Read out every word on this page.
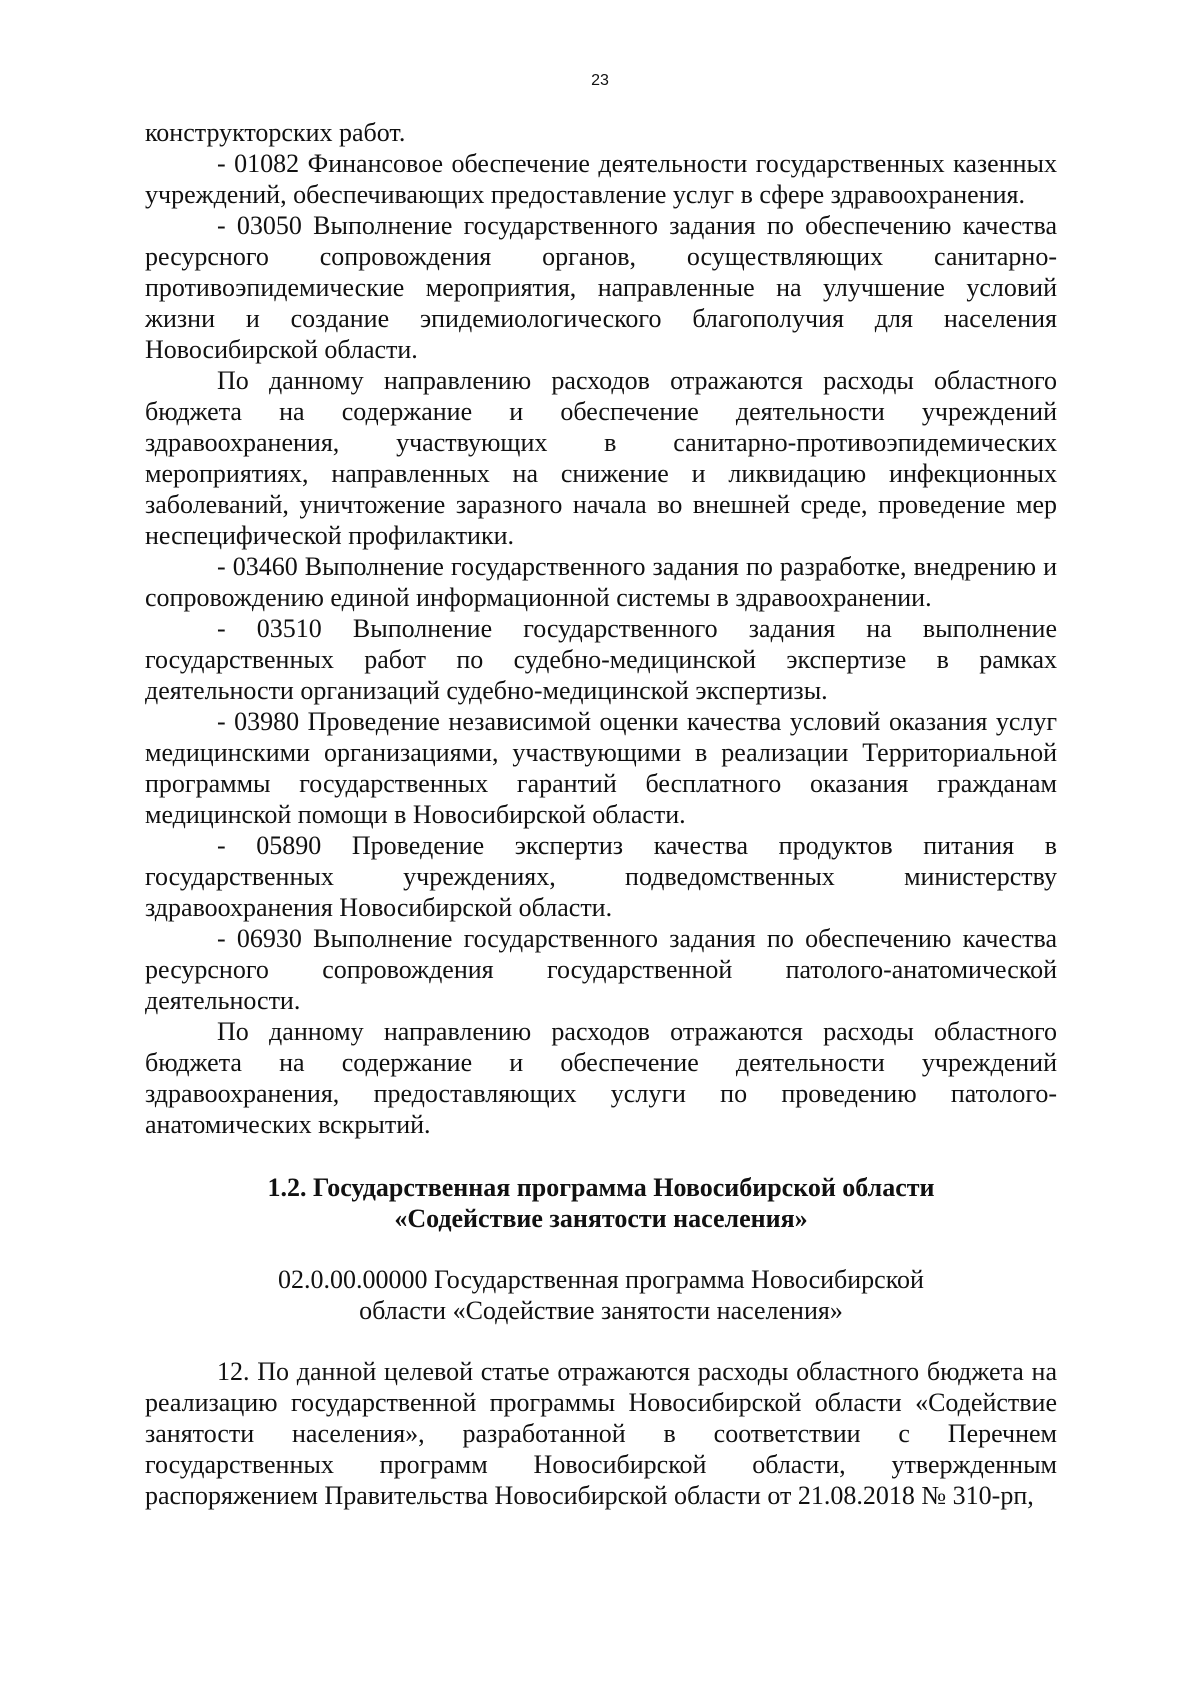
23

конструкторских работ.

- 01082 Финансовое обеспечение деятельности государственных казенных учреждений, обеспечивающих предоставление услуг в сфере здравоохранения.

- 03050 Выполнение государственного задания по обеспечению качества ресурсного сопровождения органов, осуществляющих санитарно-противоэпидемические мероприятия, направленные на улучшение условий жизни и создание эпидемиологического благополучия для населения Новосибирской области.

По данному направлению расходов отражаются расходы областного бюджета на содержание и обеспечение деятельности учреждений здравоохранения, участвующих в санитарно-противоэпидемических мероприятиях, направленных на снижение и ликвидацию инфекционных заболеваний, уничтожение заразного начала во внешней среде, проведение мер неспецифической профилактики.

- 03460 Выполнение государственного задания по разработке, внедрению и сопровождению единой информационной системы в здравоохранении.

- 03510 Выполнение государственного задания на выполнение государственных работ по судебно-медицинской экспертизе в рамках деятельности организаций судебно-медицинской экспертизы.

- 03980 Проведение независимой оценки качества условий оказания услуг медицинскими организациями, участвующими в реализации Территориальной программы государственных гарантий бесплатного оказания гражданам медицинской помощи в Новосибирской области.

- 05890 Проведение экспертиз качества продуктов питания в государственных учреждениях, подведомственных министерству здравоохранения Новосибирской области.

- 06930 Выполнение государственного задания по обеспечению качества ресурсного сопровождения государственной патолого-анатомической деятельности.

По данному направлению расходов отражаются расходы областного бюджета на содержание и обеспечение деятельности учреждений здравоохранения, предоставляющих услуги по проведению патолого-анатомических вскрытий.

1.2. Государственная программа Новосибирской области
«Содействие занятости населения»
02.0.00.00000 Государственная программа Новосибирской
области «Содействие занятости населения»

12. По данной целевой статье отражаются расходы областного бюджета на реализацию государственной программы Новосибирской области «Содействие занятости населения», разработанной в соответствии с Перечнем государственных программ Новосибирской области, утвержденным распоряжением Правительства Новосибирской области от 21.08.2018 № 310-рп,
